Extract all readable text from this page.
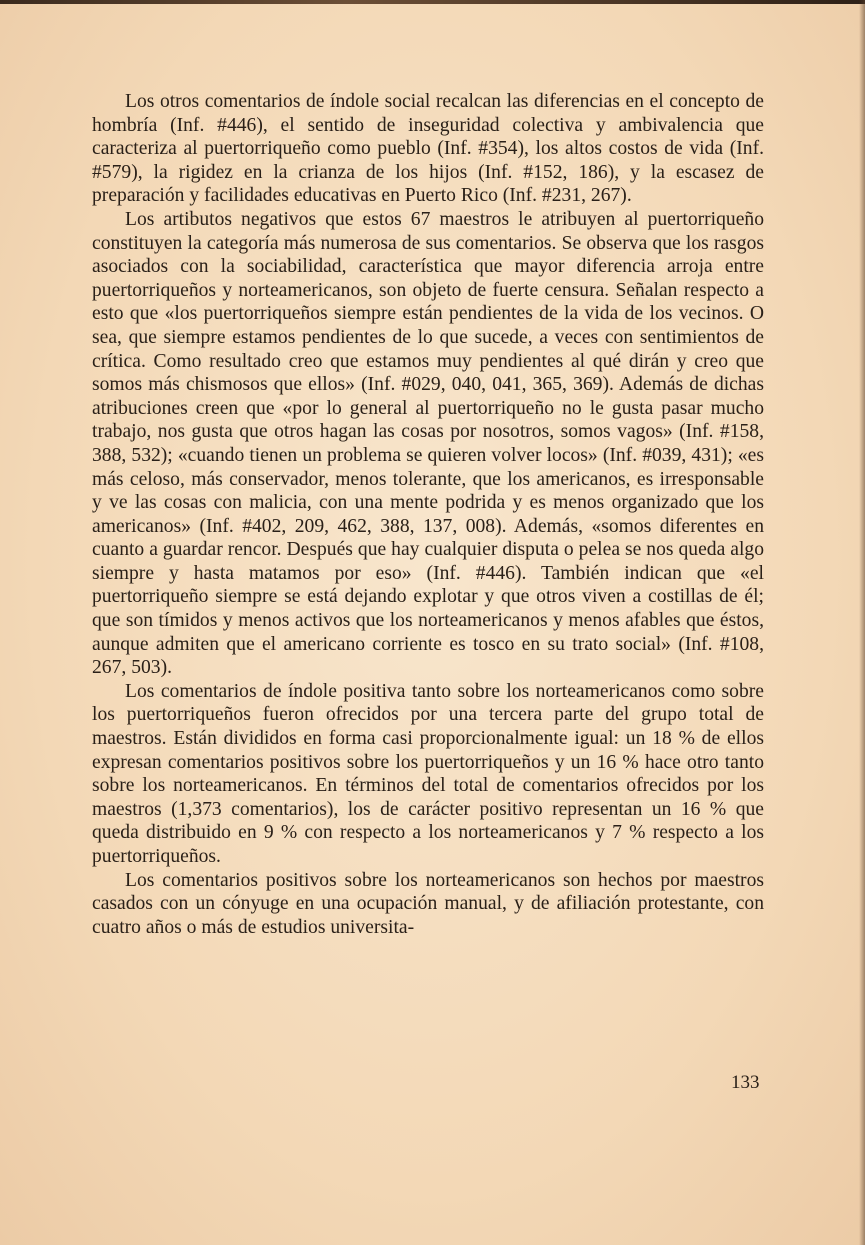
Los otros comentarios de índole social recalcan las diferencias en el concepto de hombría (Inf. #446), el sentido de inseguridad colectiva y ambivalencia que caracteriza al puertorriqueño como pueblo (Inf. #354), los altos costos de vida (Inf. #579), la rigidez en la crianza de los hijos (Inf. #152, 186), y la escasez de preparación y facilidades educativas en Puerto Rico (Inf. #231, 267).

Los artibutos negativos que estos 67 maestros le atribuyen al puertorriqueño constituyen la categoría más numerosa de sus comentarios. Se observa que los rasgos asociados con la sociabilidad, característica que mayor diferencia arroja entre puertorriqueños y norteamericanos, son objeto de fuerte censura. Señalan respecto a esto que «los puertorriqueños siempre están pendientes de la vida de los vecinos. O sea, que siempre estamos pendientes de lo que sucede, a veces con sentimientos de crítica. Como resultado creo que estamos muy pendientes al qué dirán y creo que somos más chismosos que ellos» (Inf. #029, 040, 041, 365, 369). Además de dichas atribuciones creen que «por lo general al puertorriqueño no le gusta pasar mucho trabajo, nos gusta que otros hagan las cosas por nosotros, somos vagos» (Inf. #158, 388, 532); «cuando tienen un problema se quieren volver locos» (Inf. #039, 431); «es más celoso, más conservador, menos tolerante, que los americanos, es irresponsable y ve las cosas con malicia, con una mente podrida y es menos organizado que los americanos» (Inf. #402, 209, 462, 388, 137, 008). Además, «somos diferentes en cuanto a guardar rencor. Después que hay cualquier disputa o pelea se nos queda algo siempre y hasta matamos por eso» (Inf. #446). También indican que «el puertorriqueño siempre se está dejando explotar y que otros viven a costillas de él; que son tímidos y menos activos que los norteamericanos y menos afables que éstos, aunque admiten que el americano corriente es tosco en su trato social» (Inf. #108, 267, 503).

Los comentarios de índole positiva tanto sobre los norteamericanos como sobre los puertorriqueños fueron ofrecidos por una tercera parte del grupo total de maestros. Están divididos en forma casi proporcionalmente igual: un 18 % de ellos expresan comentarios positivos sobre los puertorriqueños y un 16 % hace otro tanto sobre los norteamericanos. En términos del total de comentarios ofrecidos por los maestros (1,373 comentarios), los de carácter positivo representan un 16 % que queda distribuido en 9 % con respecto a los norteamericanos y 7 % respecto a los puertorriqueños.

Los comentarios positivos sobre los norteamericanos son hechos por maestros casados con un cónyuge en una ocupación manual, y de afiliación protestante, con cuatro años o más de estudios universita-

133
